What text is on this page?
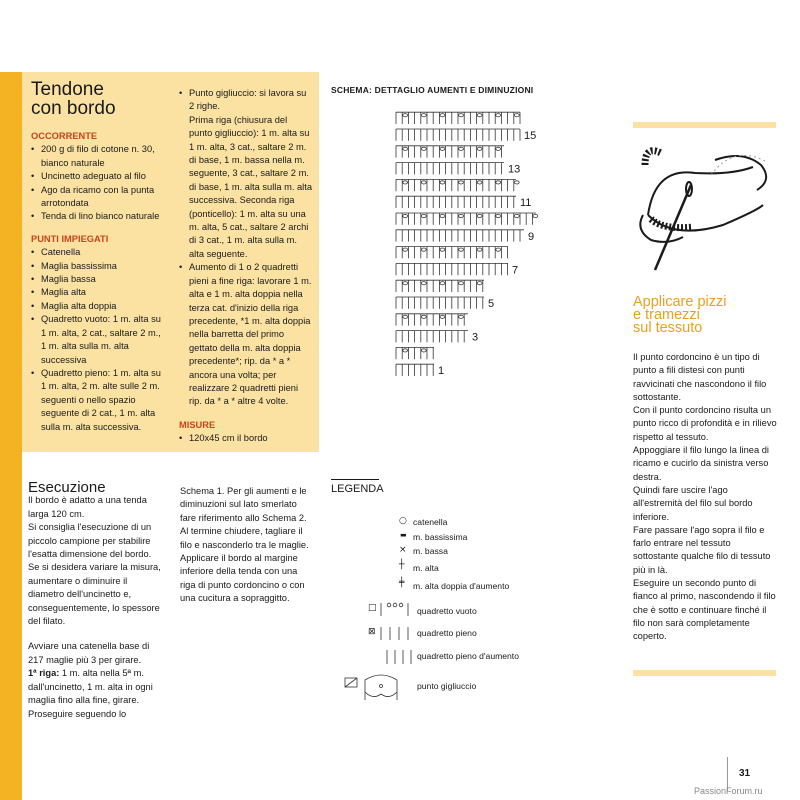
Tendone
con bordo

OCCORRENTE

• 200 g di filo di cotone n. 30, bianco naturale
• Uncinetto adeguato al filo
• Ago da ricamo con la punta arrotondata
• Tenda di lino bianco naturale

PUNTI IMPIEGATI

• Catenella
• Maglia bassissima
• Maglia bassa
• Maglia alta
• Maglia alta doppia
• Quadretto vuoto: 1 m. alta su 1 m. alta, 2 cat., saltare 2 m., 1 m. alta sulla m. alta successiva
• Quadretto pieno: 1 m. alta su 1 m. alta, 2 m. alte sulle 2 m. seguenti o nello spazio seguente di 2 cat., 1 m. alta sulla m. alta successiva.
• Punto gigliuccio: si lavora su 2 righe.
Prima riga (chiusura del punto gigliuccio): 1 m. alta su 1 m. alta, 3 cat., saltare 2 m. di base, 1 m. bassa nella m. seguente, 3 cat., saltare 2 m. di base, 1 m. alta sulla m. alta successiva. Seconda riga (ponticello): 1 m. alta su una m. alta, 5 cat., saltare 2 archi di 3 cat., 1 m. alta sulla m. alta seguente.
• Aumento di 1 o 2 quadretti pieni a fine riga: lavorare 1 m. alta e 1 m. alta doppia nella terza cat. d'inizio della riga precedente, *1 m. alta doppia nella barretta del primo gettato della m. alta doppia precedente*; rip. da * a * ancora una volta; per realizzare 2 quadretti pieni rip. da * a * altre 4 volte.

MISURE

• 120x45 cm il bordo

Esecuzione

Il bordo è adatto a una tenda larga 120 cm.

Si consiglia l'esecuzione di un piccolo campione per stabilire l'esatta dimensione del bordo. Se si desidera variare la misura, aumentare o diminuire il diametro dell'uncinetto e, conseguentemente, lo spessore del filato.

Avviare una catenella base di 217 maglie più 3 per girare.
1ª riga: 1 m. alta nella 5ª m. dall'uncinetto, 1 m. alta in ogni maglia fino alla fine, girare. Proseguire seguendo lo

Schema 1. Per gli aumenti e le diminuzioni sul lato smerlato fare riferimento allo Schema 2. Al termine chiudere, tagliare il filo e nasconderlo tra le maglie. Applicare il bordo al margine inferiore della tenda con una riga di punto cordoncino o con una cucitura a sopraggitto.

SCHEMA: DETTAGLIO AUMENTI E DIMINUZIONI
15
13
11
9
7
5
3
1
LEGENDA
○ catenella
▬ m. bassissima
× m. bassa
┼ m. alta
╪ m. alta doppia d'aumento
□	quadretto vuoto
⊠	quadretto pieno
quadretto pieno d'aumento
punto gigliuccio
Applicare pizzi
e tramezzi
sul tessuto

Il punto cordoncino è un tipo di punto a fili distesi con punti ravvicinati che nascondono il filo sottostante.

Con il punto cordoncino risulta un punto ricco di profondità e in rilievo rispetto al tessuto.

Appoggiare il filo lungo la linea di ricamo e cucirlo da sinistra verso destra.

Quindi fare uscire l'ago all'estremità del filo sul bordo inferiore.

Fare passare l'ago sopra il filo e farlo entrare nel tessuto sottostante qualche filo di tessuto più in là.

Eseguire un secondo punto di fianco al primo, nascondendo il filo che è sotto e continuare finché il filo non sarà completamente coperto.

31
PassionForum.ru
